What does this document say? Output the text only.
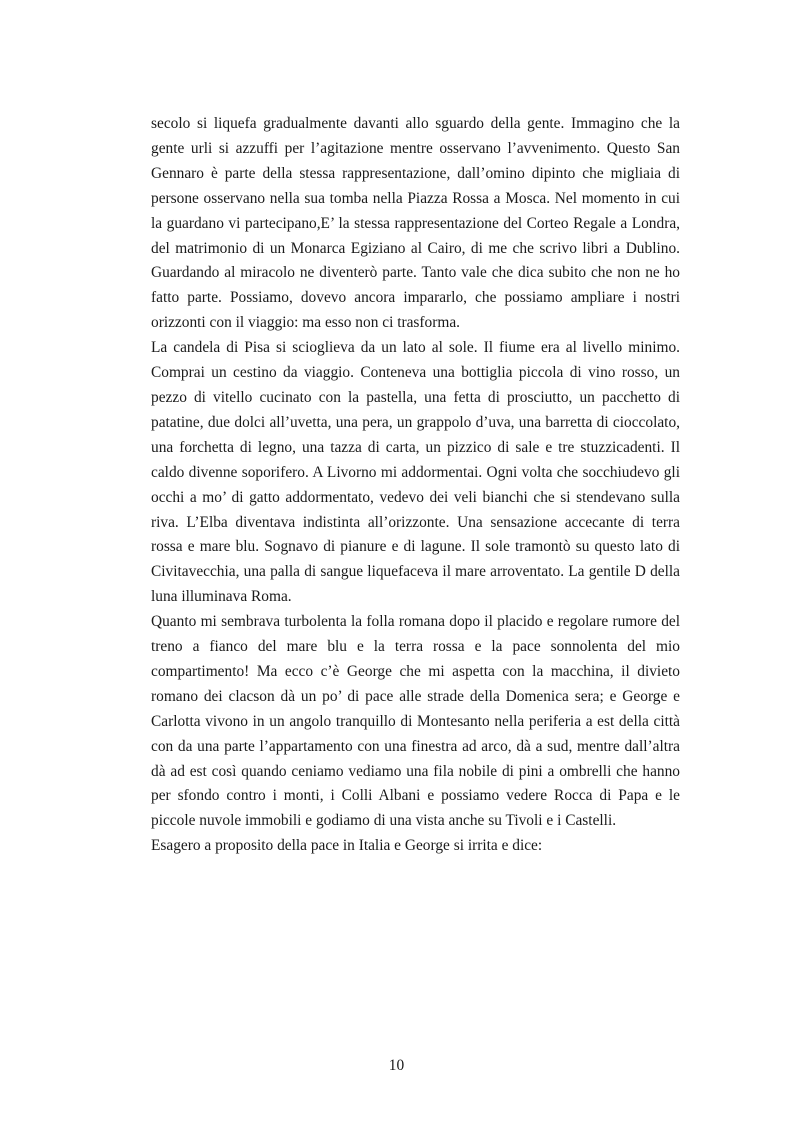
secolo si liquefa gradualmente davanti allo sguardo della gente. Immagino che la gente urli si azzuffi per l’agitazione mentre osservano l’avvenimento. Questo San Gennaro è parte della stessa rappresentazione, dall’omino dipinto che migliaia di persone osservano nella sua tomba nella Piazza Rossa a Mosca. Nel momento in cui la guardano vi partecipano,E’ la stessa rappresentazione del Corteo Regale a Londra, del matrimonio di un Monarca Egiziano al Cairo, di me che scrivo libri a Dublino. Guardando al miracolo ne diventerò parte. Tanto vale che dica subito che non ne ho fatto parte. Possiamo, dovevo ancora impararlo, che possiamo ampliare i nostri orizzonti con il viaggio: ma esso non ci trasforma.

La candela di Pisa si scioglieva da un lato al sole. Il fiume era al livello minimo. Comprai un cestino da viaggio. Conteneva una bottiglia piccola di vino rosso, un pezzo di vitello cucinato con la pastella, una fetta di prosciutto, un pacchetto di patatine, due dolci all’uvetta, una pera, un grappolo d’uva, una barretta di cioccolato, una forchetta di legno, una tazza di carta, un pizzico di sale e tre stuzzicadenti. Il caldo divenne soporifero. A Livorno mi addormentai. Ogni volta che socchiudevo gli occhi a mo’ di gatto addormentato, vedevo dei veli bianchi che si stendevano sulla riva. L’Elba diventava indistinta all’orizzonte. Una sensazione accecante di terra rossa e mare blu. Sognavo di pianure e di lagune. Il sole tramontò su questo lato di Civitavecchia, una palla di sangue liquefaceva il mare arroventato. La gentile D della luna illuminava Roma.

Quanto mi sembrava turbolenta la folla romana dopo il placido e regolare rumore del treno a fianco del mare blu e la terra rossa e la pace sonnolenta del mio compartimento! Ma ecco c’è George che mi aspetta con la macchina, il divieto romano dei clacson dà un po’ di pace alle strade della Domenica sera; e George e Carlotta vivono in un angolo tranquillo di Montesanto nella periferia a est della città con da una parte l’appartamento con una finestra ad arco, dà a sud, mentre dall’altra dà ad est così quando ceniamo vediamo una fila nobile di pini a ombrelli che hanno per sfondo contro i monti, i Colli Albani e possiamo vedere Rocca di Papa e le piccole nuvole immobili e godiamo di una vista anche su Tivoli e i Castelli.

Esagero a proposito della pace in Italia e George si irrita e dice:

10
